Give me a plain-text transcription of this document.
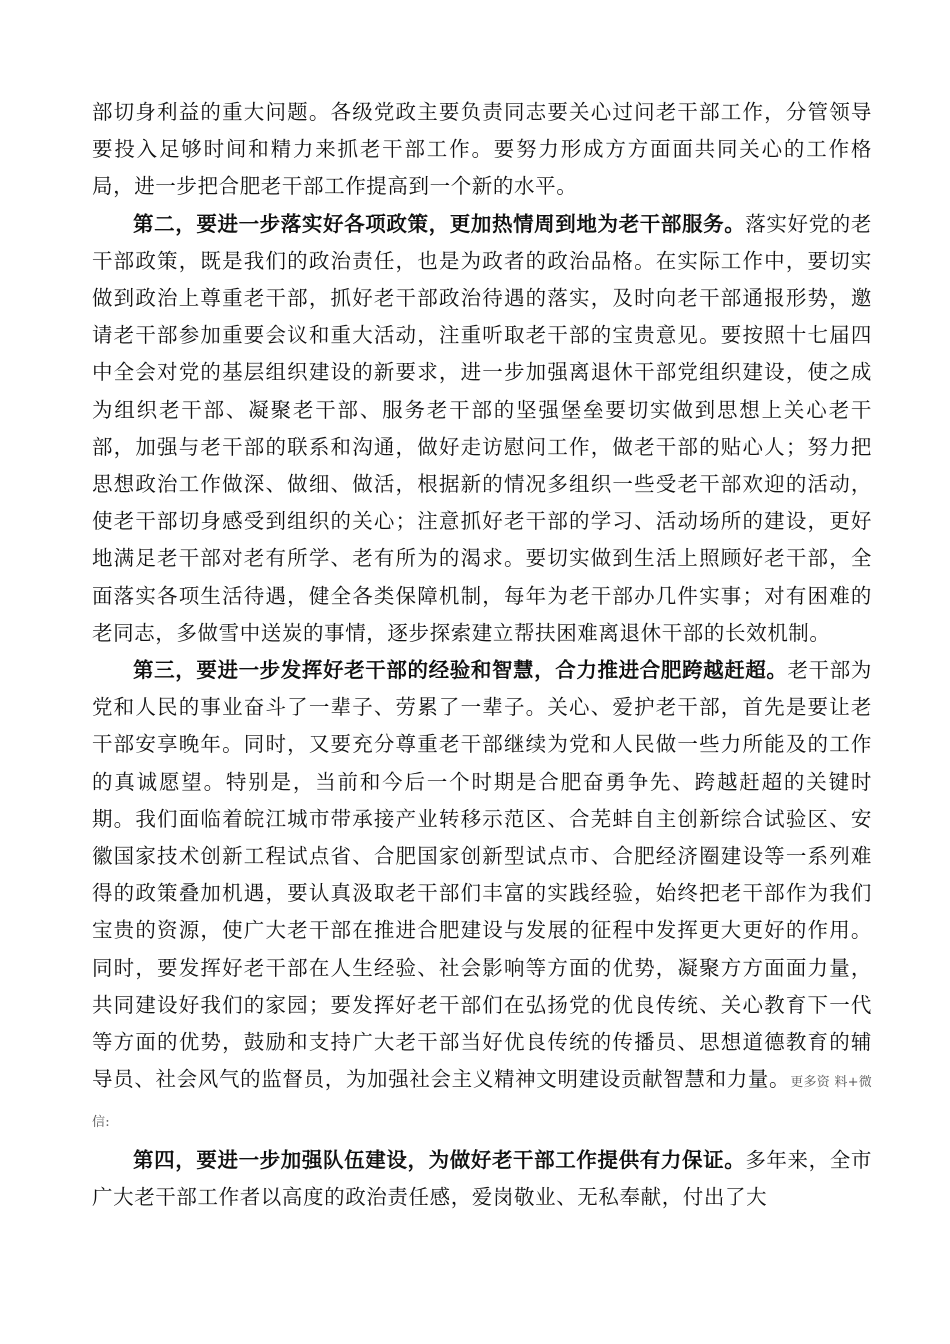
部切身利益的重大问题。各级党政主要负责同志要关心过问老干部工作，分管领导要投入足够时间和精力来抓老干部工作。要努力形成方方面面共同关心的工作格局，进一步把合肥老干部工作提高到一个新的水平。

第二，要进一步落实好各项政策，更加热情周到地为老干部服务。落实好党的老干部政策，既是我们的政治责任，也是为政者的政治品格。在实际工作中，要切实做到政治上尊重老干部，抓好老干部政治待遇的落实，及时向老干部通报形势，邀请老干部参加重要会议和重大活动，注重听取老干部的宝贵意见。要按照十七届四中全会对党的基层组织建设的新要求，进一步加强离退休干部党组织建设，使之成为组织老干部、凝聚老干部、服务老干部的坚强堡垒要切实做到思想上关心老干部，加强与老干部的联系和沟通，做好走访慰问工作，做老干部的贴心人；努力把思想政治工作做深、做细、做活，根据新的情况多组织一些受老干部欢迎的活动，使老干部切身感受到组织的关心；注意抓好老干部的学习、活动场所的建设，更好地满足老干部对老有所学、老有所为的渴求。要切实做到生活上照顾好老干部，全面落实各项生活待遇，健全各类保障机制，每年为老干部办几件实事；对有困难的老同志，多做雪中送炭的事情，逐步探索建立帮扶困难离退休干部的长效机制。

第三，要进一步发挥好老干部的经验和智慧，合力推进合肥跨越赶超。老干部为党和人民的事业奋斗了一辈子、劳累了一辈子。关心、爱护老干部，首先是要让老干部安享晚年。同时，又要充分尊重老干部继续为党和人民做一些力所能及的工作的真诚愿望。特别是，当前和今后一个时期是合肥奋勇争先、跨越赶超的关键时期。我们面临着皖江城市带承接产业转移示范区、合芜蚌自主创新综合试验区、安徽国家技术创新工程试点省、合肥国家创新型试点市、合肥经济圈建设等一系列难得的政策叠加机遇，要认真汲取老干部们丰富的实践经验，始终把老干部作为我们宝贵的资源，使广大老干部在推进合肥建设与发展的征程中发挥更大更好的作用。同时，要发挥好老干部在人生经验、社会影响等方面的优势，凝聚方方面面力量，共同建设好我们的家园；要发挥好老干部们在弘扬党的优良传统、关心教育下一代等方面的优势，鼓励和支持广大老干部当好优良传统的传播员、思想道德教育的辅导员、社会风气的监督员，为加强社会主义精神文明建设贡献智慧和力量。更多资 料+微信:

第四，要进一步加强队伍建设，为做好老干部工作提供有力保证。多年来，全市广大老干部工作者以高度的政治责任感，爱岗敬业、无私奉献，付出了大
